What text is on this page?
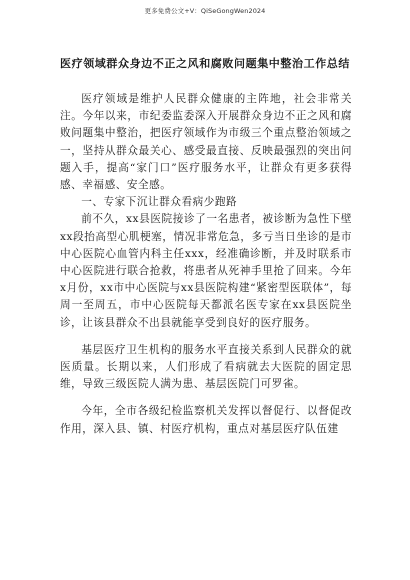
更多免费公文+V：QiSeGongWen2024
医疗领域群众身边不正之风和腐败问题集中整治工作总结

医疗领域是维护人民群众健康的主阵地，社会非常关注。今年以来，市纪委监委深入开展群众身边不正之风和腐败问题集中整治，把医疗领域作为市级三个重点整治领域之一，坚持从群众最关心、感受最直接、反映最强烈的突出问题入手，提高“家门口”医疗服务水平，让群众有更多获得感、幸福感、安全感。

一、专家下沉让群众看病少跑路

前不久，xx县医院接诊了一名患者，被诊断为急性下壁xx段抬高型心肌梗塞，情况非常危急，多亏当日坐诊的是市中心医院心血管内科主任xxx，经准确诊断，并及时联系市中心医院进行联合抢救，将患者从死神手里抢了回来。今年x月份，xx市中心医院与xx县医院构建“紧密型医联体”，每周一至周五，市中心医院每天都派名医专家在xx县医院坐诊，让该县群众不出县就能享受到良好的医疗服务。

基层医疗卫生机构的服务水平直接关系到人民群众的就医质量。长期以来，人们形成了看病就去大医院的固定思维，导致三级医院人满为患、基层医院门可罗雀。

今年，全市各级纪检监察机关发挥以督促行、以督促改作用，深入县、镇、村医疗机构，重点对基层医疗队伍建
